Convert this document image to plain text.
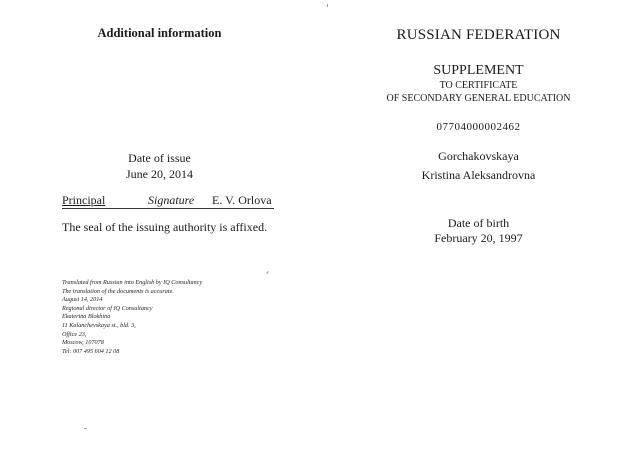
Additional information
Date of issue
June 20, 2014
Principal	Signature E. V. Orlova
The seal of the issuing authority is affixed.
Translated from Russian into English by IQ Consultancy
The translation of the documents is accurate.
August 14, 2014
Regional director of IQ Consultancy
Ekaterina Blokhina
11 Kalanchevskaya st., bld. 3,
Office 23,
Moscow, 107078
Tel: 007 495 604 12 08
RUSSIAN FEDERATION
SUPPLEMENT
TO CERTIFICATE
OF SECONDARY GENERAL EDUCATION
07704000002462
Gorchakovskaya
Kristina Aleksandrovna
Date of birth
February 20, 1997
